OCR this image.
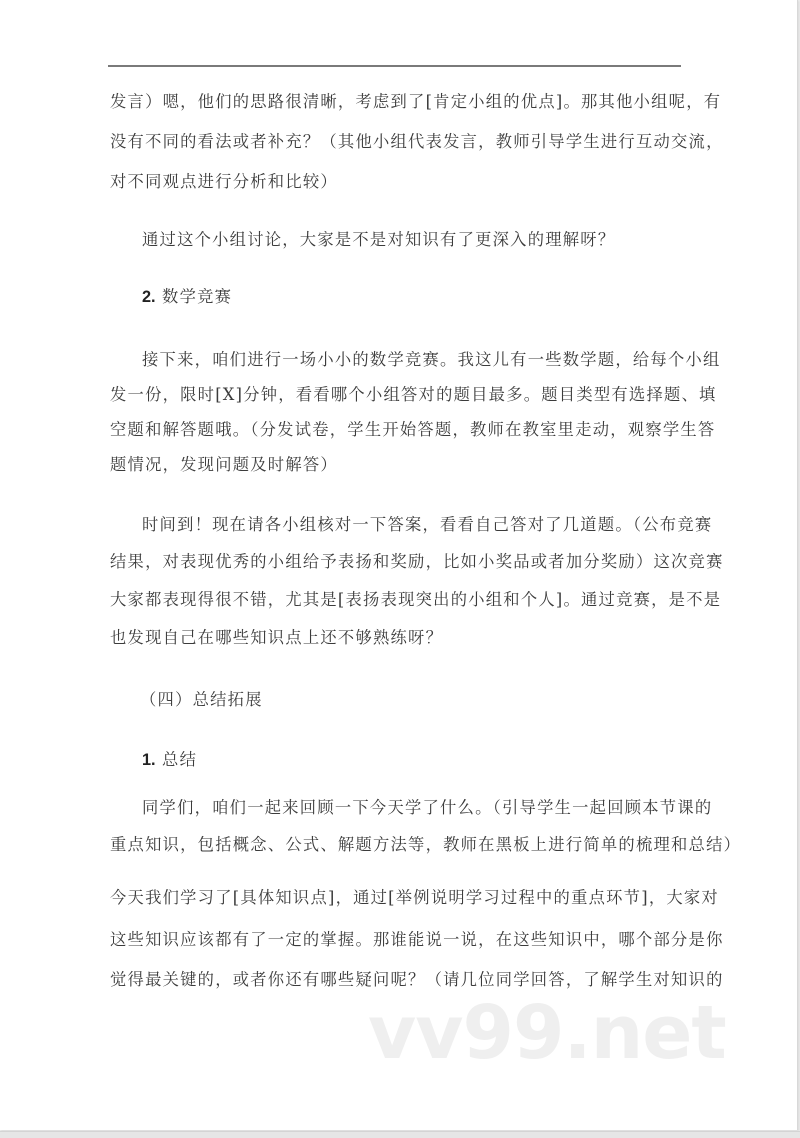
发言）嗯，他们的思路很清晰，考虑到了[肯定小组的优点]。那其他小组呢，有
没有不同的看法或者补充？（其他小组代表发言，教师引导学生进行互动交流，
对不同观点进行分析和比较）
通过这个小组讨论，大家是不是对知识有了更深入的理解呀？
2. 数学竞赛
接下来，咱们进行一场小小的数学竞赛。我这儿有一些数学题，给每个小组
发一份，限时[X]分钟，看看哪个小组答对的题目最多。题目类型有选择题、填
空题和解答题哦。（分发试卷，学生开始答题，教师在教室里走动，观察学生答
题情况，发现问题及时解答）
时间到！现在请各小组核对一下答案，看看自己答对了几道题。（公布竞赛
结果，对表现优秀的小组给予表扬和奖励，比如小奖品或者加分奖励）这次竞赛
大家都表现得很不错，尤其是[表扬表现突出的小组和个人]。通过竞赛，是不是
也发现自己在哪些知识点上还不够熟练呀？
（四）总结拓展
1. 总结
同学们，咱们一起来回顾一下今天学了什么。（引导学生一起回顾本节课的
重点知识，包括概念、公式、解题方法等，教师在黑板上进行简单的梳理和总结）
今天我们学习了[具体知识点]，通过[举例说明学习过程中的重点环节]，大家对
这些知识应该都有了一定的掌握。那谁能说一说，在这些知识中，哪个部分是你
觉得最关键的，或者你还有哪些疑问呢？（请几位同学回答，了解学生对知识的
vv99.net
